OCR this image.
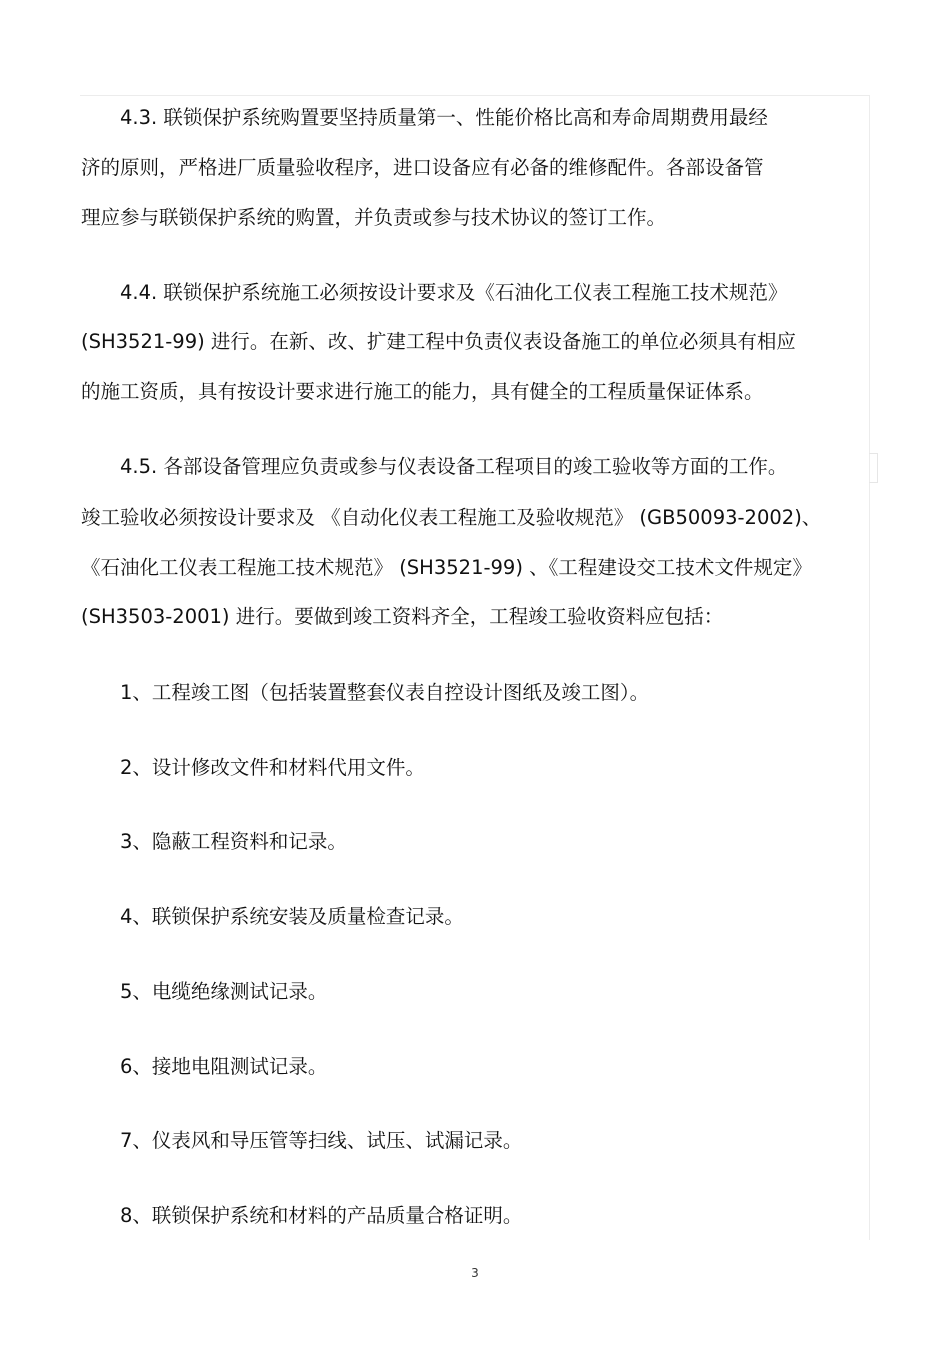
4.3. 联锁保护系统购置要坚持质量第一、性能价格比高和寿命周期费用最经
济的原则，严格进厂质量验收程序，进口设备应有必备的维修配件。各部设备管
理应参与联锁保护系统的购置，并负责或参与技术协议的签订工作。
4.4. 联锁保护系统施工必须按设计要求及《石油化工仪表工程施工技术规范》
(SH3521-99) 进行。在新、改、扩建工程中负责仪表设备施工的单位必须具有相应
的施工资质，具有按设计要求进行施工的能力，具有健全的工程质量保证体系。
4.5. 各部设备管理应负责或参与仪表设备工程项目的竣工验收等方面的工作。
竣工验收必须按设计要求及 《自动化仪表工程施工及验收规范》 (GB50093-2002)、
《石油化工仪表工程施工技术规范》 (SH3521-99) 、《工程建设交工技术文件规定》
(SH3503-2001) 进行。要做到竣工资料齐全，工程竣工验收资料应包括：
1、工程竣工图（包括装置整套仪表自控设计图纸及竣工图）。
2、设计修改文件和材料代用文件。
3、隐蔽工程资料和记录。
4、联锁保护系统安装及质量检查记录。
5、电缆绝缘测试记录。
6、接地电阻测试记录。
7、仪表风和导压管等扫线、试压、试漏记录。
8、联锁保护系统和材料的产品质量合格证明。
3
